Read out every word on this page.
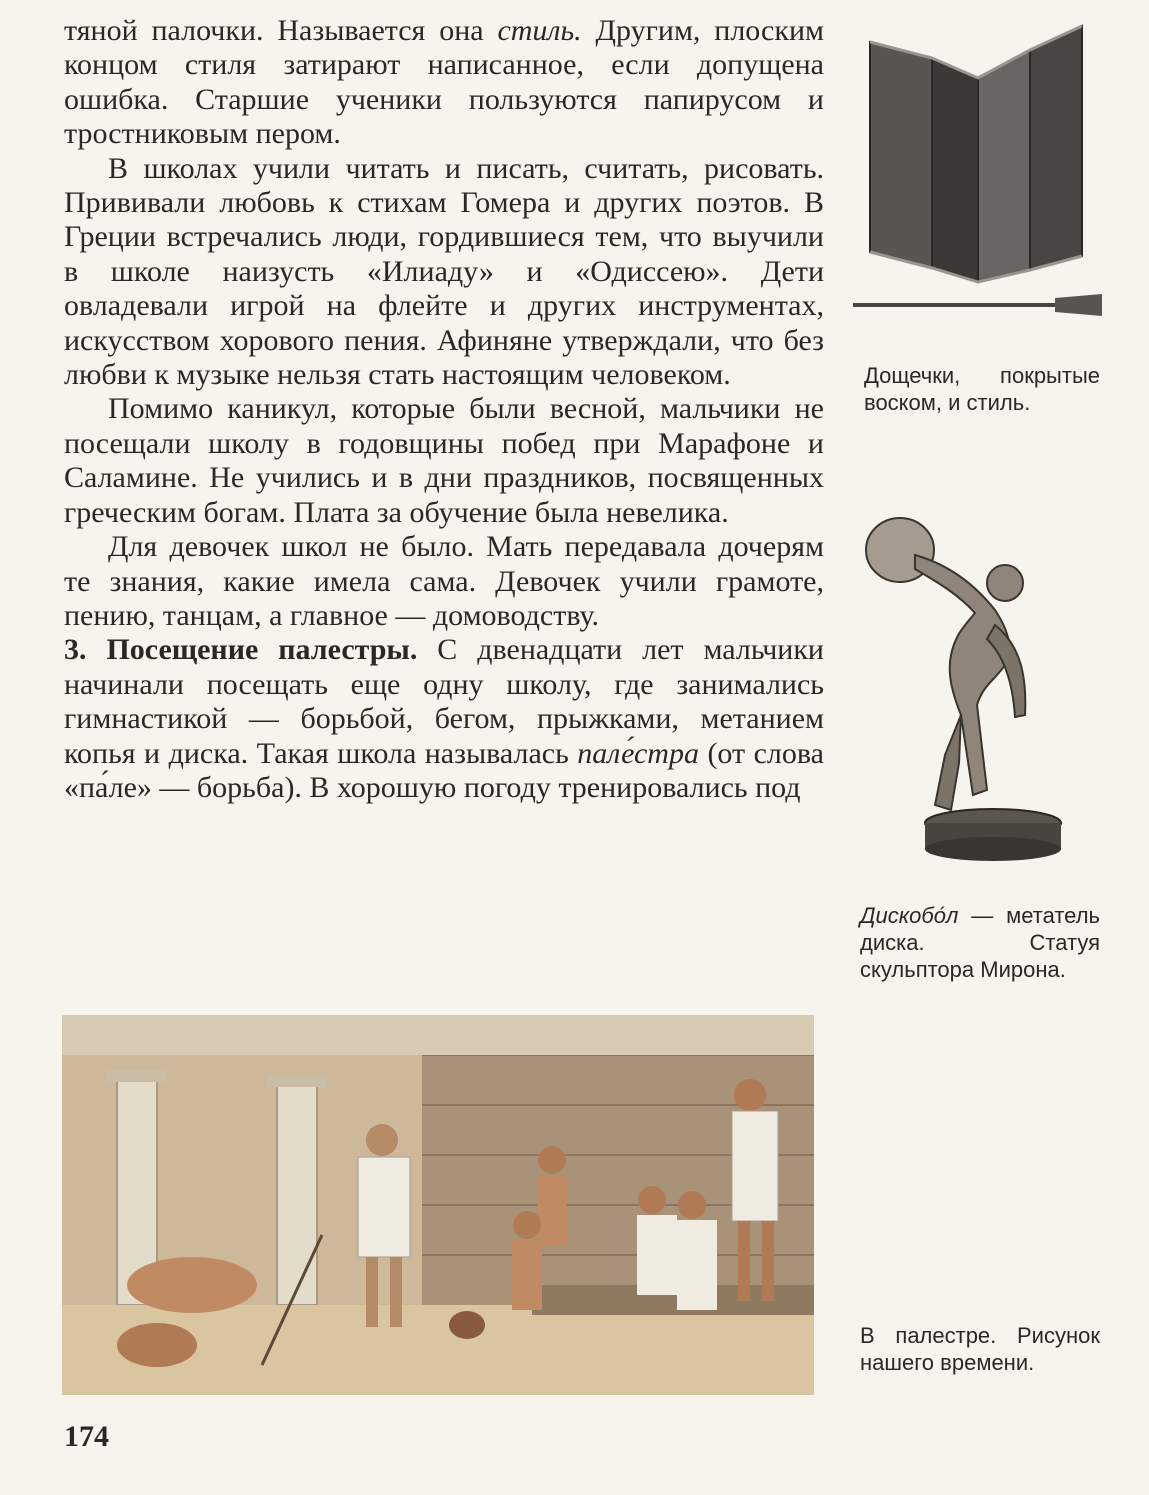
тяной палочки. Называется она стиль. Другим, плоским концом стиля затирают написанное, если допущена ошибка. Старшие ученики пользуются папирусом и тростниковым пером.

В школах учили читать и писать, считать, рисовать. Прививали любовь к стихам Гомера и других поэтов. В Греции встречались люди, гордившиеся тем, что выучили в школе наизусть «Илиаду» и «Одиссею». Дети овладевали игрой на флейте и других инструментах, искусством хорового пения. Афиняне утверждали, что без любви к музыке нельзя стать настоящим человеком.

Помимо каникул, которые были весной, мальчики не посещали школу в годовщины побед при Марафоне и Саламине. Не учились и в дни праздников, посвященных греческим богам. Плата за обучение была невелика.

Для девочек школ не было. Мать передавала дочерям те знания, какие имела сама. Девочек учили грамоте, пению, танцам, а главное — домоводству.

3. Посещение палестры. С двенадцати лет мальчики начинали посещать еще одну школу, где занимались гимнастикой — борьбой, бегом, прыжками, метанием копья и диска. Такая школа называлась пале́стра (от слова «па́ле» — борьба). В хорошую погоду тренировались под

Дощечки, покрытые воском, и стиль.
Дискобо́л — метатель диска. Статуя скульптора Мирона.
В палестре. Рисунок нашего времени.
174
